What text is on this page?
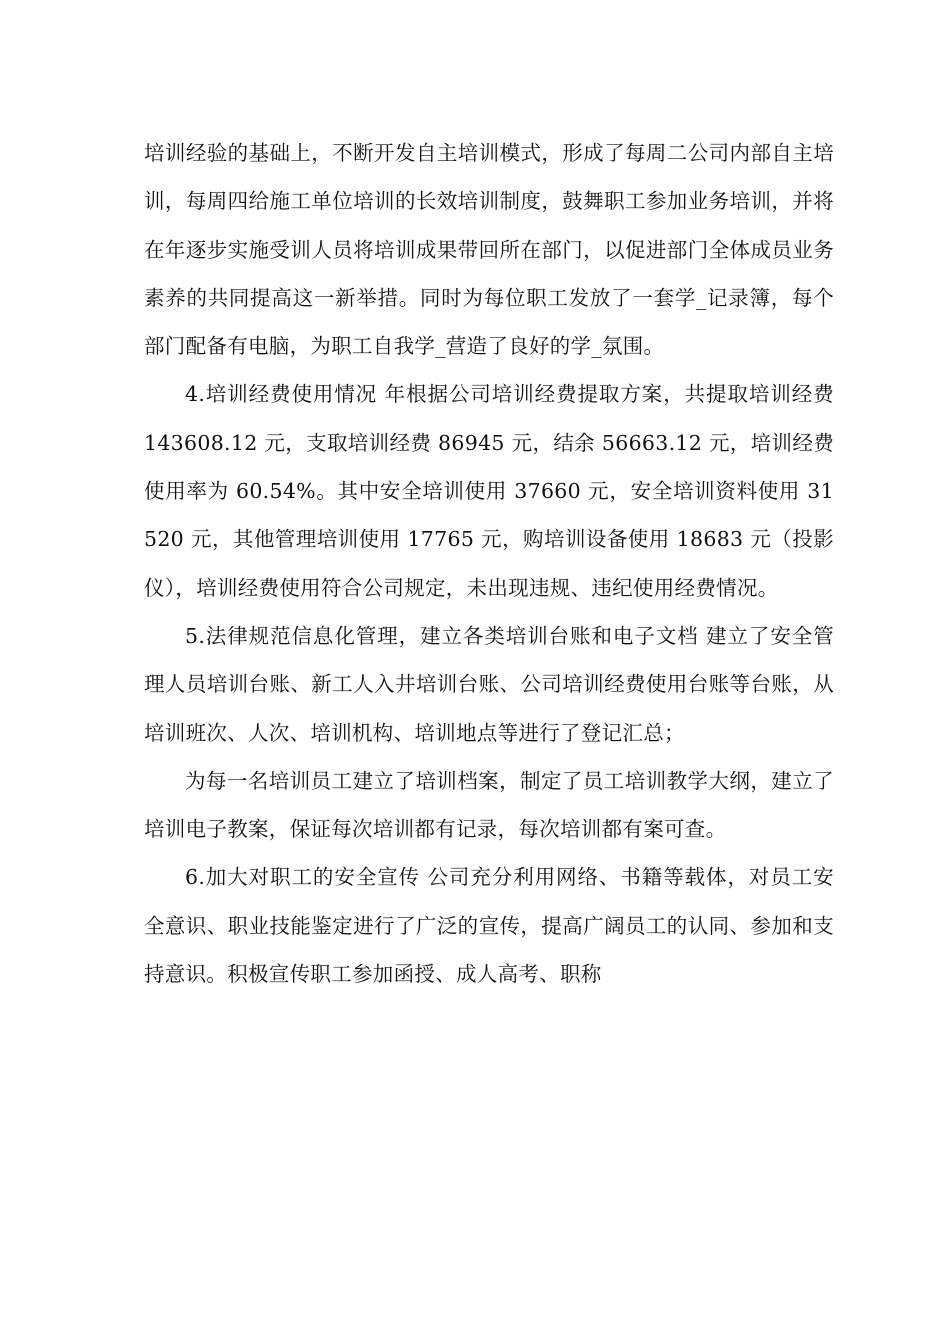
培训经验的基础上，不断开发自主培训模式，形成了每周二公司内部自主培训，每周四给施工单位培训的长效培训制度，鼓舞职工参加业务培训，并将在年逐步实施受训人员将培训成果带回所在部门，以促进部门全体成员业务素养的共同提高这一新举措。同时为每位职工发放了一套学_记录簿，每个部门配备有电脑，为职工自我学_营造了良好的学_氛围。

4.培训经费使用情况 年根据公司培训经费提取方案，共提取培训经费 143608.12 元，支取培训经费 86945 元，结余 56663.12 元，培训经费使用率为 60.54%。其中安全培训使用 37660 元，安全培训资料使用 31520 元，其他管理培训使用 17765 元，购培训设备使用 18683 元（投影仪），培训经费使用符合公司规定，未出现违规、违纪使用经费情况。

5.法律规范信息化管理，建立各类培训台账和电子文档 建立了安全管理人员培训台账、新工人入井培训台账、公司培训经费使用台账等台账，从培训班次、人次、培训机构、培训地点等进行了登记汇总；

为每一名培训员工建立了培训档案，制定了员工培训教学大纲，建立了培训电子教案，保证每次培训都有记录，每次培训都有案可查。

6.加大对职工的安全宣传 公司充分利用网络、书籍等载体，对员工安全意识、职业技能鉴定进行了广泛的宣传，提高广阔员工的认同、参加和支持意识。积极宣传职工参加函授、成人高考、职称
